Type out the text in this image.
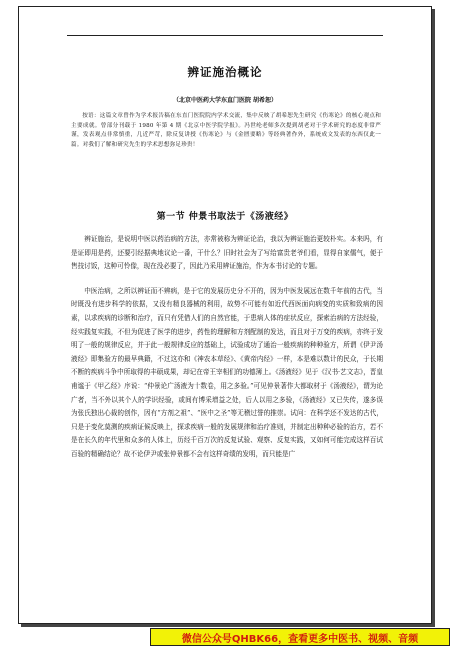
辨证施治概论
（北京中医药大学东直门医院 胡希恕）

按语：这篇文章曾作为学术报告稿在东直门医院院内学术交流，集中反映了胡希恕先生研究《伤寒论》的核心观点和主要成就。曾部分刊载于 1980 年第 4 期《北京中医学院学报》。冯世纶老师多次提到胡老对于学术研究的态度非常严谨，发表观点非常慎重，几近严苛，除反复讲授《伤寒论》与《金匮要略》等经典著作外，系统成文发表的东西仅此一篇。对我们了解和研究先生的学术思想弥足珍贵！

第一节 仲景书取法于《汤液经》

辨证施治，是说明中医以药治病的方法，亦常被称为辨证论治，我以为辨证施治更较朴实。本来吗，有是证即用是药，还要引经据典地议论一番，干什么？旧时社会为了写给富贵老爷们看，显得自家儒气，便于售技讨饭，这种可怜像，现在没必要了，因此乃采用辨证施治，作为本书讨论的专题。

中医治病，之所以辨证而不辨病，是于它的发展历史分不开的，因为中医发展远在数千年前的古代，当时既没有进步科学的依据，又没有精良器械的利用，故势不可能有如近代西医面向病变的实质和致病的因素，以求疾病的诊断和治疗，而只有凭借人们的自然官能，于患病人体的症状反应，探索治病的方法经验，经实践复实践，不但为促进了医学的进步，药性的理解和方剂配制的发达，而且对于万变的疾病，亦终于发明了一般的规律反应，并于此一般规律反应的基础上，试验成功了通治一般疾病的种种验方，所谓《伊尹汤液经》即集验方的最早典籍，不过这亦和《神农本草经》、《黄帝内经》一样，本是难以数计的民众，于长期不断的疾病斗争中所取得的丰硕成果，却记在帝王宰相们的功德簿上。《汤液经》见于《汉书·艺文志》，晋皇甫谧于《甲乙经》序说：“仲景论广汤液为十数卷，用之多验。”可见仲景著作大都取材于《汤液经》，谓为论广者，当不外以其个人的学识经验，或间有博采增益之处，后人以用之多验，《汤液经》又已失传，遂多误为张氏独出心裁的创作，因有“方剂之祖”、“医中之圣”等无稽过誉的推崇。试问：在科学还不发达的古代，只是于变化莫测的疾病证候反映上，探求疾病一般的发展规律和治疗准则，并制定出种种必验的治方，若不是在长久的年代里和众多的人体上，历经千百万次的反复试验、观察、反复实践，又如何可能完成这样百试百验的精确结论？故不论伊尹或张仲景都不会有这样奇绩的发明，而只能是广

微信公众号QHBK66，查看更多中医书、视频、音频
